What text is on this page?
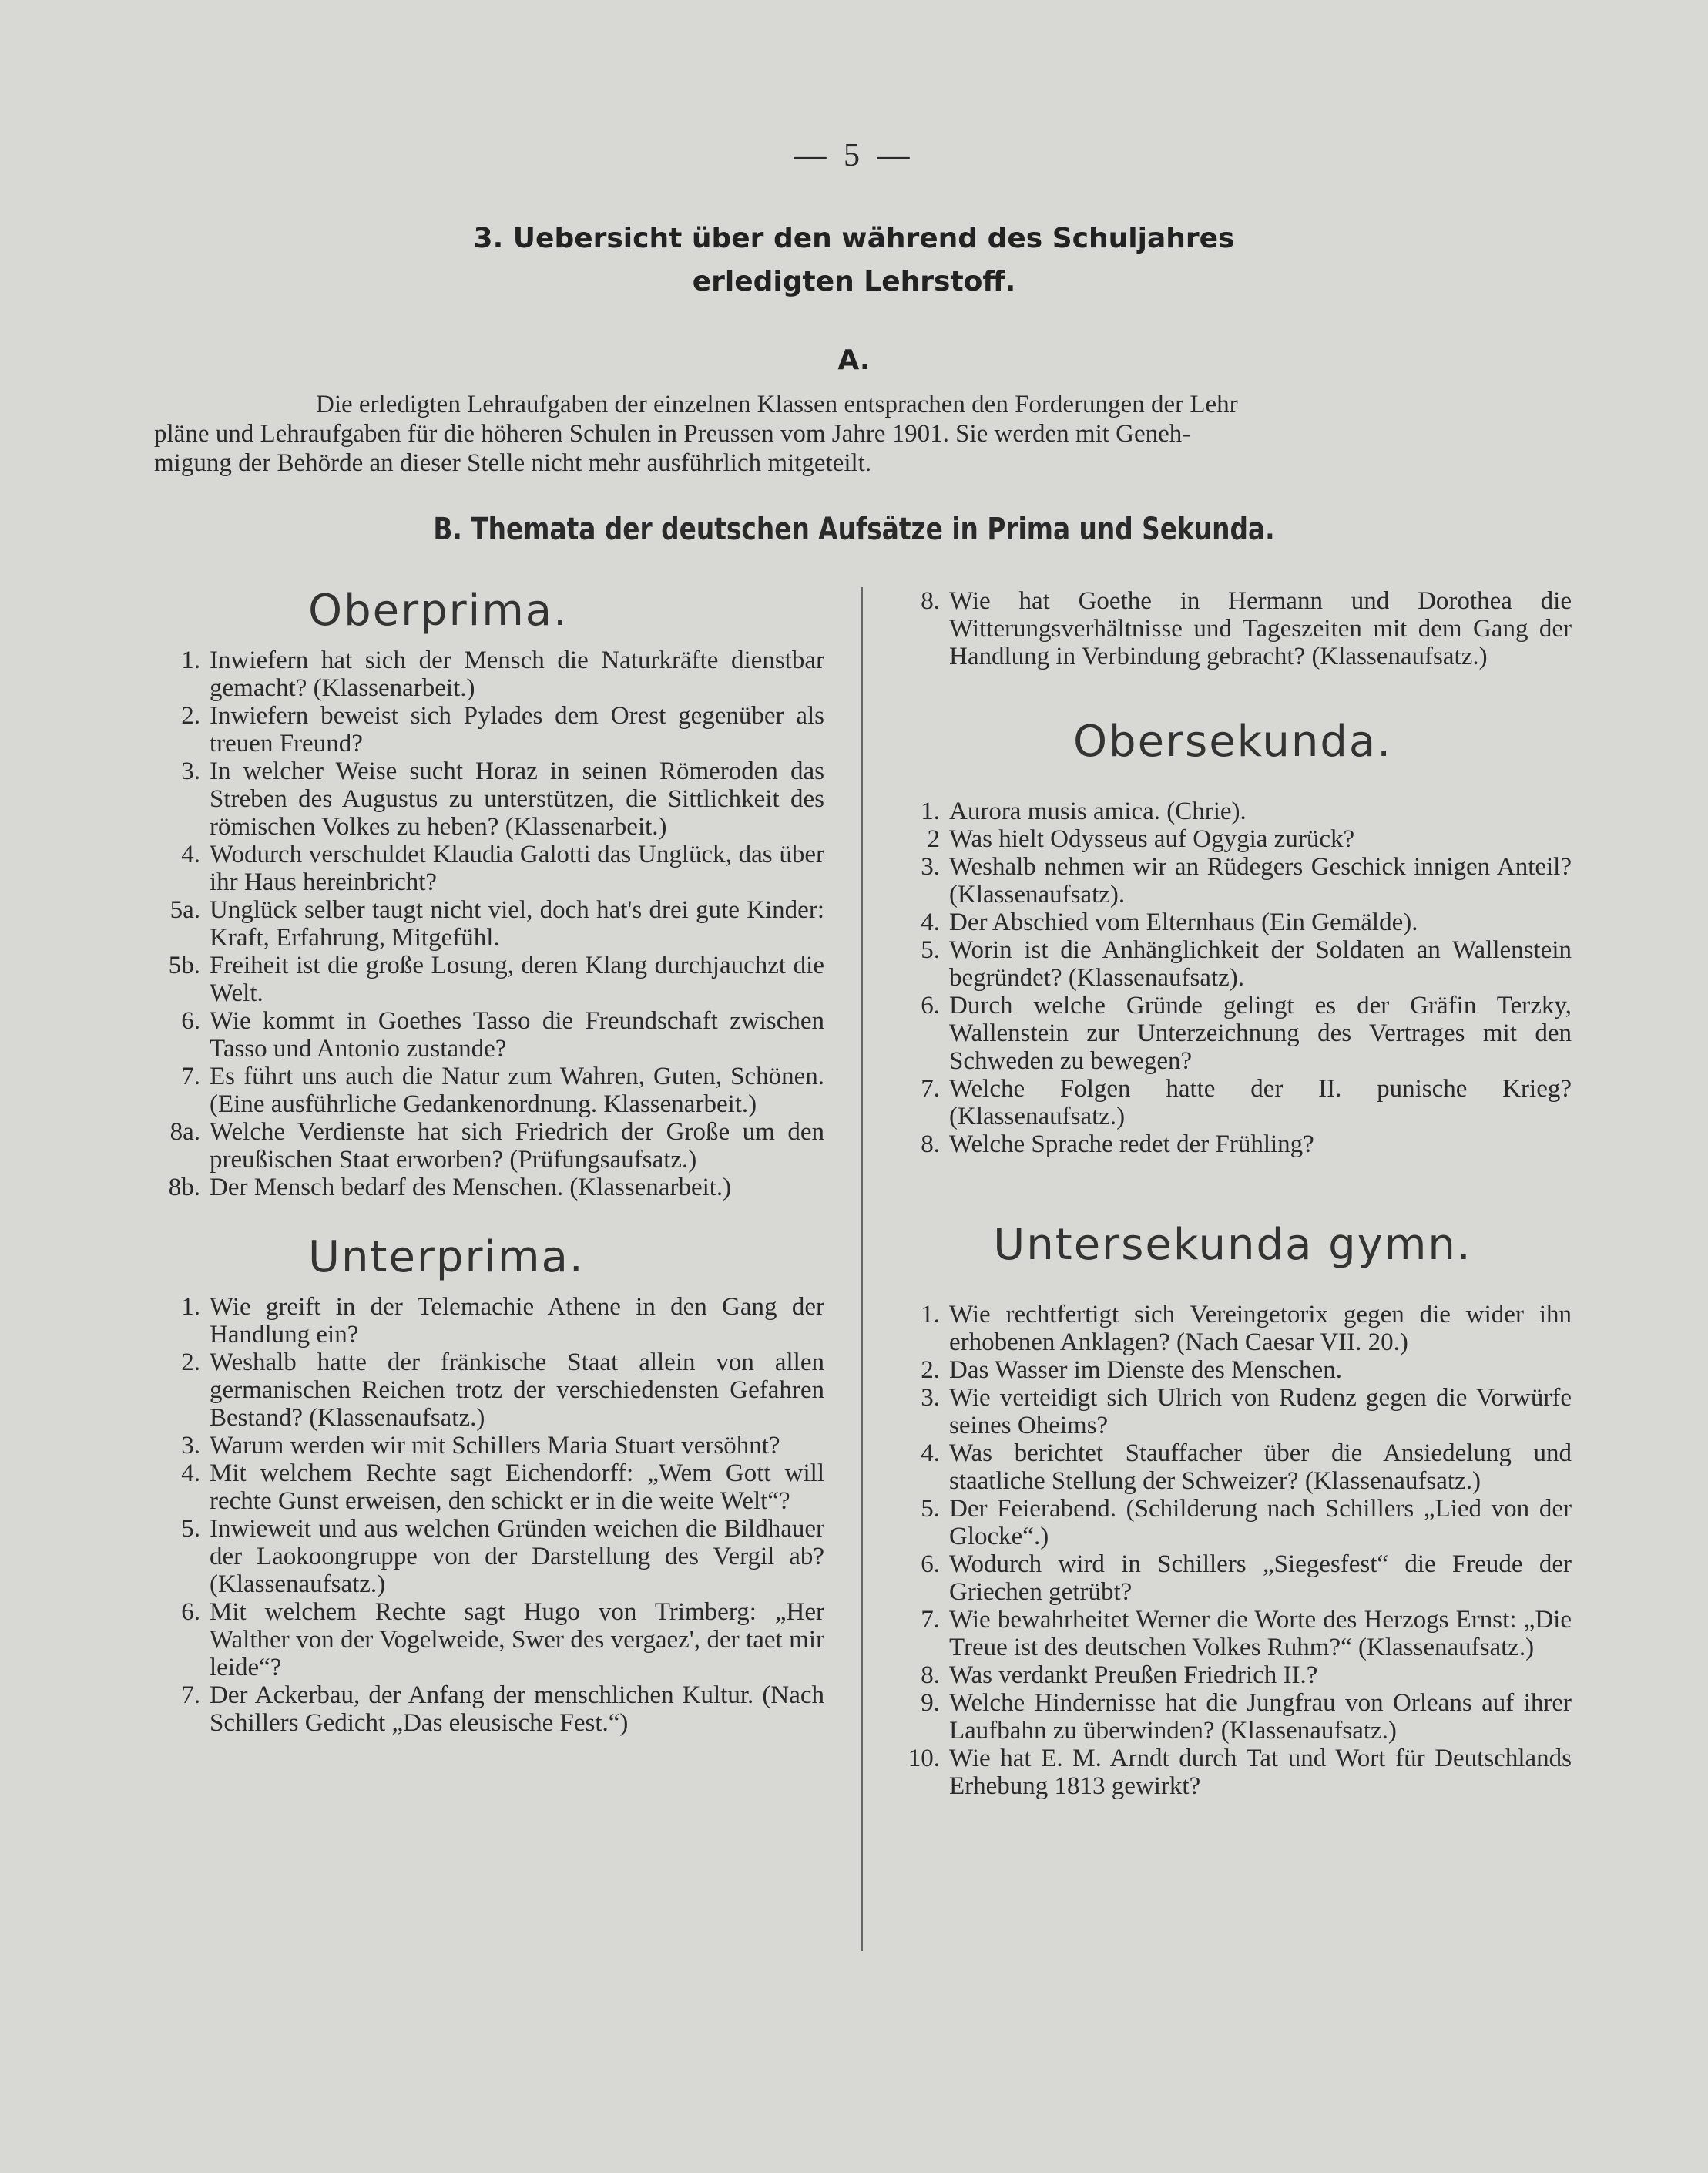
— 5 —
3. Uebersicht über den während des Schuljahres
erledigten Lehrstoff.
A.
Die erledigten Lehraufgaben der einzelnen Klassen entsprachen den Forderungen der Lehr
pläne und Lehraufgaben für die höheren Schulen in Preussen vom Jahre 1901. Sie werden mit Geneh-
migung der Behörde an dieser Stelle nicht mehr ausführlich mitgeteilt.
B. Themata der deutschen Aufsätze in Prima und Sekunda.
Oberprima.
1. Inwiefern hat sich der Mensch die Naturkräfte dienstbar gemacht? (Klassenarbeit.)
2. Inwiefern beweist sich Pylades dem Orest gegenüber als treuen Freund?
3. In welcher Weise sucht Horaz in seinen Römeroden das Streben des Augustus zu unterstützen, die Sittlichkeit des römischen Volkes zu heben? (Klassenarbeit.)
4. Wodurch verschuldet Klaudia Galotti das Unglück, das über ihr Haus hereinbricht?
5a. Unglück selber taugt nicht viel, doch hat's drei gute Kinder: Kraft, Erfahrung, Mitgefühl.
5b. Freiheit ist die große Losung, deren Klang durchjauchzt die Welt.
6. Wie kommt in Goethes Tasso die Freundschaft zwischen Tasso und Antonio zustande?
7. Es führt uns auch die Natur zum Wahren, Guten, Schönen. (Eine ausführliche Gedankenordnung. Klassenarbeit.)
8a. Welche Verdienste hat sich Friedrich der Große um den preußischen Staat erworben? (Prüfungsaufsatz.)
8b. Der Mensch bedarf des Menschen. (Klassenarbeit.)
Unterprima.
1. Wie greift in der Telemachie Athene in den Gang der Handlung ein?
2. Weshalb hatte der fränkische Staat allein von allen germanischen Reichen trotz der verschiedensten Gefahren Bestand? (Klassenaufsatz.)
3. Warum werden wir mit Schillers Maria Stuart versöhnt?
4. Mit welchem Rechte sagt Eichendorff: „Wem Gott will rechte Gunst erweisen, den schickt er in die weite Welt“?
5. Inwieweit und aus welchen Gründen weichen die Bildhauer der Laokoongruppe von der Darstellung des Vergil ab? (Klassenaufsatz.)
6. Mit welchem Rechte sagt Hugo von Trimberg: „Her Walther von der Vogelweide, Swer des vergaez', der taet mir leide“?
7. Der Ackerbau, der Anfang der menschlichen Kultur. (Nach Schillers Gedicht „Das eleusische Fest.“)
8. Wie hat Goethe in Hermann und Dorothea die Witterungsverhältnisse und Tageszeiten mit dem Gang der Handlung in Verbindung gebracht? (Klassenaufsatz.)
Obersekunda.
1. Aurora musis amica. (Chrie).
2 Was hielt Odysseus auf Ogygia zurück?
3. Weshalb nehmen wir an Rüdegers Geschick innigen Anteil? (Klassenaufsatz).
4. Der Abschied vom Elternhaus (Ein Gemälde).
5. Worin ist die Anhänglichkeit der Soldaten an Wallenstein begründet? (Klassenaufsatz).
6. Durch welche Gründe gelingt es der Gräfin Terzky, Wallenstein zur Unterzeichnung des Vertrages mit den Schweden zu bewegen?
7. Welche Folgen hatte der II. punische Krieg? (Klassenaufsatz.)
8. Welche Sprache redet der Frühling?
Untersekunda gymn.
1. Wie rechtfertigt sich Vereingetorix gegen die wider ihn erhobenen Anklagen? (Nach Caesar VII. 20.)
2. Das Wasser im Dienste des Menschen.
3. Wie verteidigt sich Ulrich von Rudenz gegen die Vorwürfe seines Oheims?
4. Was berichtet Stauffacher über die Ansiedelung und staatliche Stellung der Schweizer? (Klassenaufsatz.)
5. Der Feierabend. (Schilderung nach Schillers „Lied von der Glocke“.)
6. Wodurch wird in Schillers „Siegesfest“ die Freude der Griechen getrübt?
7. Wie bewahrheitet Werner die Worte des Herzogs Ernst: „Die Treue ist des deutschen Volkes Ruhm?“ (Klassenaufsatz.)
8. Was verdankt Preußen Friedrich II.?
9. Welche Hindernisse hat die Jungfrau von Orleans auf ihrer Laufbahn zu überwinden? (Klassenaufsatz.)
10. Wie hat E. M. Arndt durch Tat und Wort für Deutschlands Erhebung 1813 gewirkt?
